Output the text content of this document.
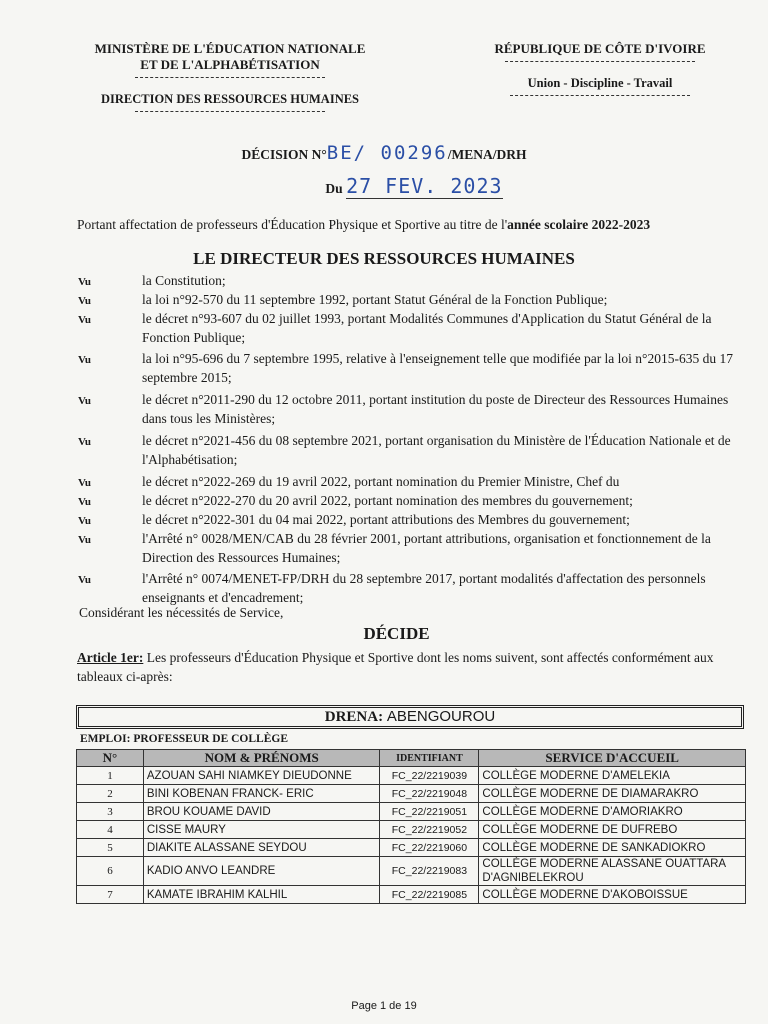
MINISTÈRE DE L'ÉDUCATION NATIONALE
ET DE L'ALPHABÉTISATION
DIRECTION DES RESSOURCES HUMAINES
RÉPUBLIQUE DE CÔTE D'IVOIRE
Union - Discipline - Travail
DÉCISION N°BE/ 00296/MENA/DRH
Du 27 FEV. 2023
Portant affectation de professeurs d'Éducation Physique et Sportive au titre de l'année scolaire 2022-2023
LE DIRECTEUR DES RESSOURCES HUMAINES
Vu	la Constitution;
Vu	la loi n°92-570 du 11 septembre 1992, portant Statut Général de la Fonction Publique;
Vu	le décret n°93-607 du 02 juillet 1993, portant Modalités Communes d'Application du Statut Général de la Fonction Publique;
Vu	la loi n°95-696 du 7 septembre 1995, relative à l'enseignement telle que modifiée par la loi n°2015-635 du 17 septembre 2015;
Vu	le décret n°2011-290 du 12 octobre 2011, portant institution du poste de Directeur des Ressources Humaines dans tous les Ministères;
Vu	le décret n°2021-456 du 08 septembre 2021, portant organisation du Ministère de l'Éducation Nationale et de l'Alphabétisation;
Vu	le décret n°2022-269 du 19 avril 2022, portant nomination du Premier Ministre, Chef du
Vu	le décret n°2022-270 du 20 avril 2022, portant nomination des membres du gouvernement;
Vu	le décret n°2022-301 du 04 mai 2022, portant attributions des Membres du gouvernement;
Vu	l'Arrêté n° 0028/MEN/CAB du 28 février 2001, portant attributions, organisation et fonctionnement de la Direction des Ressources Humaines;
Vu	l'Arrêté n° 0074/MENET-FP/DRH du 28 septembre 2017, portant modalités d'affectation des personnels enseignants et d'encadrement;
Considérant les nécessités de Service,
DÉCIDE
Article 1er: Les professeurs d'Éducation Physique et Sportive dont les noms suivent, sont affectés conformément aux tableaux ci-après:
DRENA: ABENGOUROU
EMPLOI: PROFESSEUR DE COLLÈGE
N°	NOM & PRÉNOMS	IDENTIFIANT	SERVICE D'ACCUEIL
1	AZOUAN SAHI NIAMKEY DIEUDONNE	FC_22/2219039	COLLÈGE MODERNE D'AMELEKIA
2	BINI KOBENAN FRANCK- ERIC	FC_22/2219048	COLLÈGE MODERNE DE DIAMARAKRO
3	BROU KOUAME DAVID	FC_22/2219051	COLLÈGE MODERNE D'AMORIAKRO
4	CISSE MAURY	FC_22/2219052	COLLÈGE MODERNE DE DUFREBO
5	DIAKITE ALASSANE SEYDOU	FC_22/2219060	COLLÈGE MODERNE DE SANKADIOKRO
6	KADIO ANVO LEANDRE	FC_22/2219083	COLLÈGE MODERNE ALASSANE OUATTARA D'AGNIBELEKROU
7	KAMATE IBRAHIM KALHIL	FC_22/2219085	COLLÈGE MODERNE D'AKOBOISSUE
Page 1 de 19
